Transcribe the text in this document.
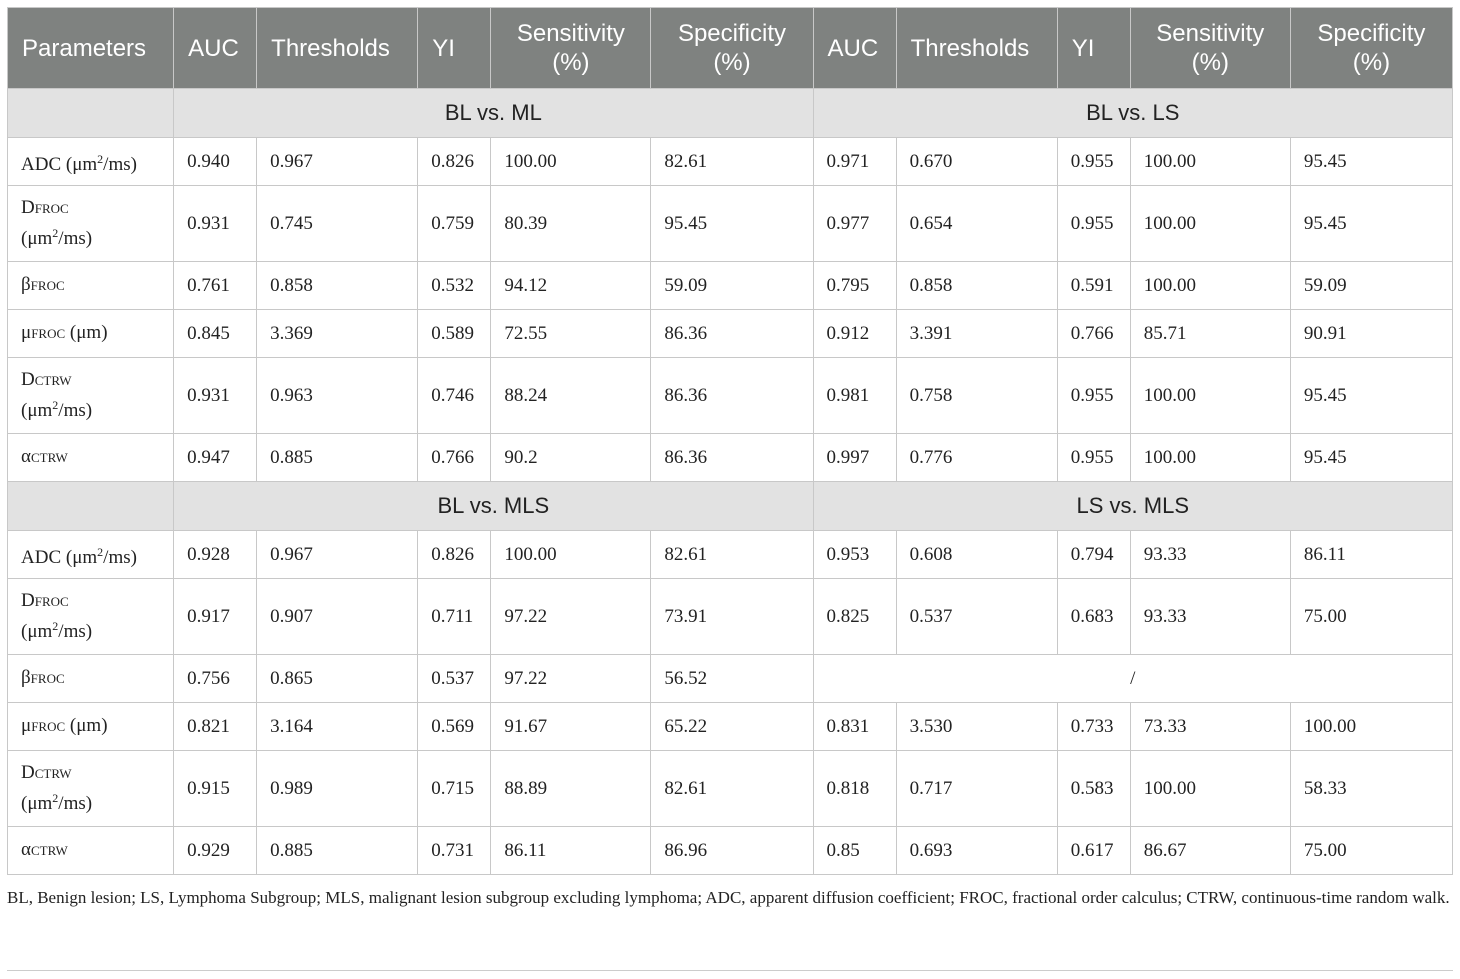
Parameters	AUC	Thresholds	YI	Sensitivity (%)	Specificity (%)	AUC	Thresholds	YI	Sensitivity (%)	Specificity (%)
	BL vs. ML					BL vs. LS				
ADC $(\mu m^2/ms)$	0.940	0.967	0.826	100.00	82.61	0.971	0.670	0.955	100.00	95.45
DFROC
$(\mu m^2/ms)$	0.931	0.745	0.759	80.39	95.45	0.977	0.654	0.955	100.00	95.45
βFROC	0.761	0.858	0.532	94.12	59.09	0.795	0.858	0.591	100.00	59.09
μFROC (μm)	0.845	3.369	0.589	72.55	86.36	0.912	3.391	0.766	85.71	90.91
DCTRW
$(\mu m^2/ms)$	0.931	0.963	0.746	88.24	86.36	0.981	0.758	0.955	100.00	95.45
αCTRW	0.947	0.885	0.766	90.2	86.36	0.997	0.776	0.955	100.00	95.45
	BL vs. MLS					LS vs. MLS				
ADC $(\mu m^2/ms)$	0.928	0.967	0.826	100.00	82.61	0.953	0.608	0.794	93.33	86.11
DFROC
$(\mu m^2/ms)$	0.917	0.907	0.711	97.22	73.91	0.825	0.537	0.683	93.33	75.00
βFROC	0.756	0.865	0.537	97.22	56.52	/				
μFROC (μm)	0.821	3.164	0.569	91.67	65.22	0.831	3.530	0.733	73.33	100.00
DCTRW
$(\mu m^2/ms)$	0.915	0.989	0.715	88.89	82.61	0.818	0.717	0.583	100.00	58.33
αCTRW	0.929	0.885	0.731	86.11	86.96	0.85	0.693	0.617	86.67	75.00
BL, Benign lesion; LS, Lymphoma Subgroup; MLS, malignant lesion subgroup excluding lymphoma; ADC, apparent diffusion coefficient; FROC, fractional order calculus; CTRW, continuous-time random walk.
